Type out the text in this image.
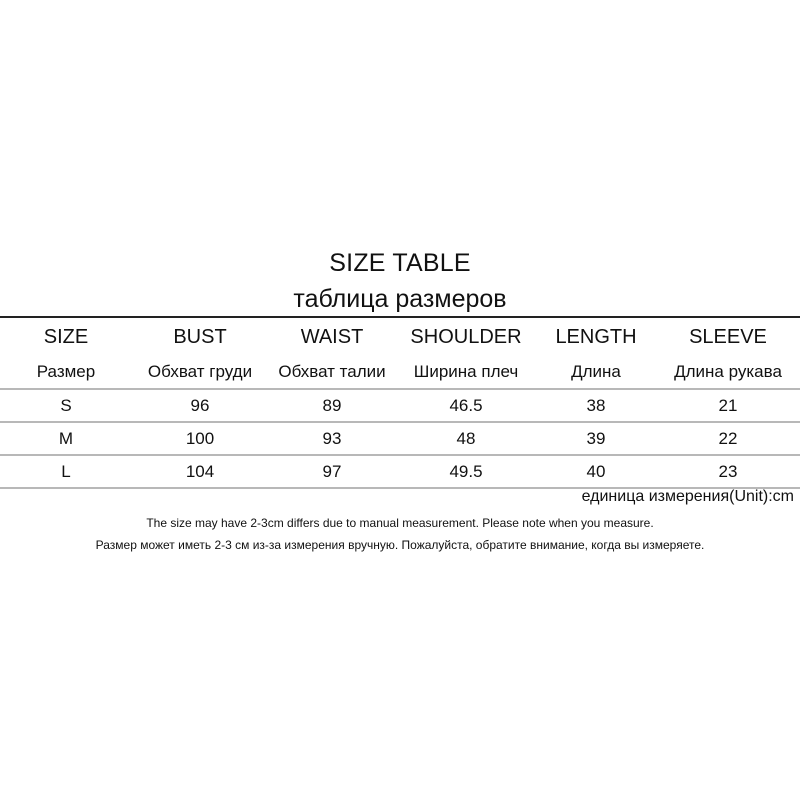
SIZE TABLE
таблица размеров
SIZE	BUST	WAIST	SHOULDER	LENGTH	SLEEVE
Размер	Обхват груди	Обхват талии	Ширина плеч	Длина	Длина рукава
S	96	89	46.5	38	21
M	100	93	48	39	22
L	104	97	49.5	40	23
единица измерения(Unit):cm
The size may have 2-3cm differs due to manual measurement. Please note when you measure.
Размер может иметь 2-3 см из-за измерения вручную. Пожалуйста, обратите внимание, когда вы измеряете.
